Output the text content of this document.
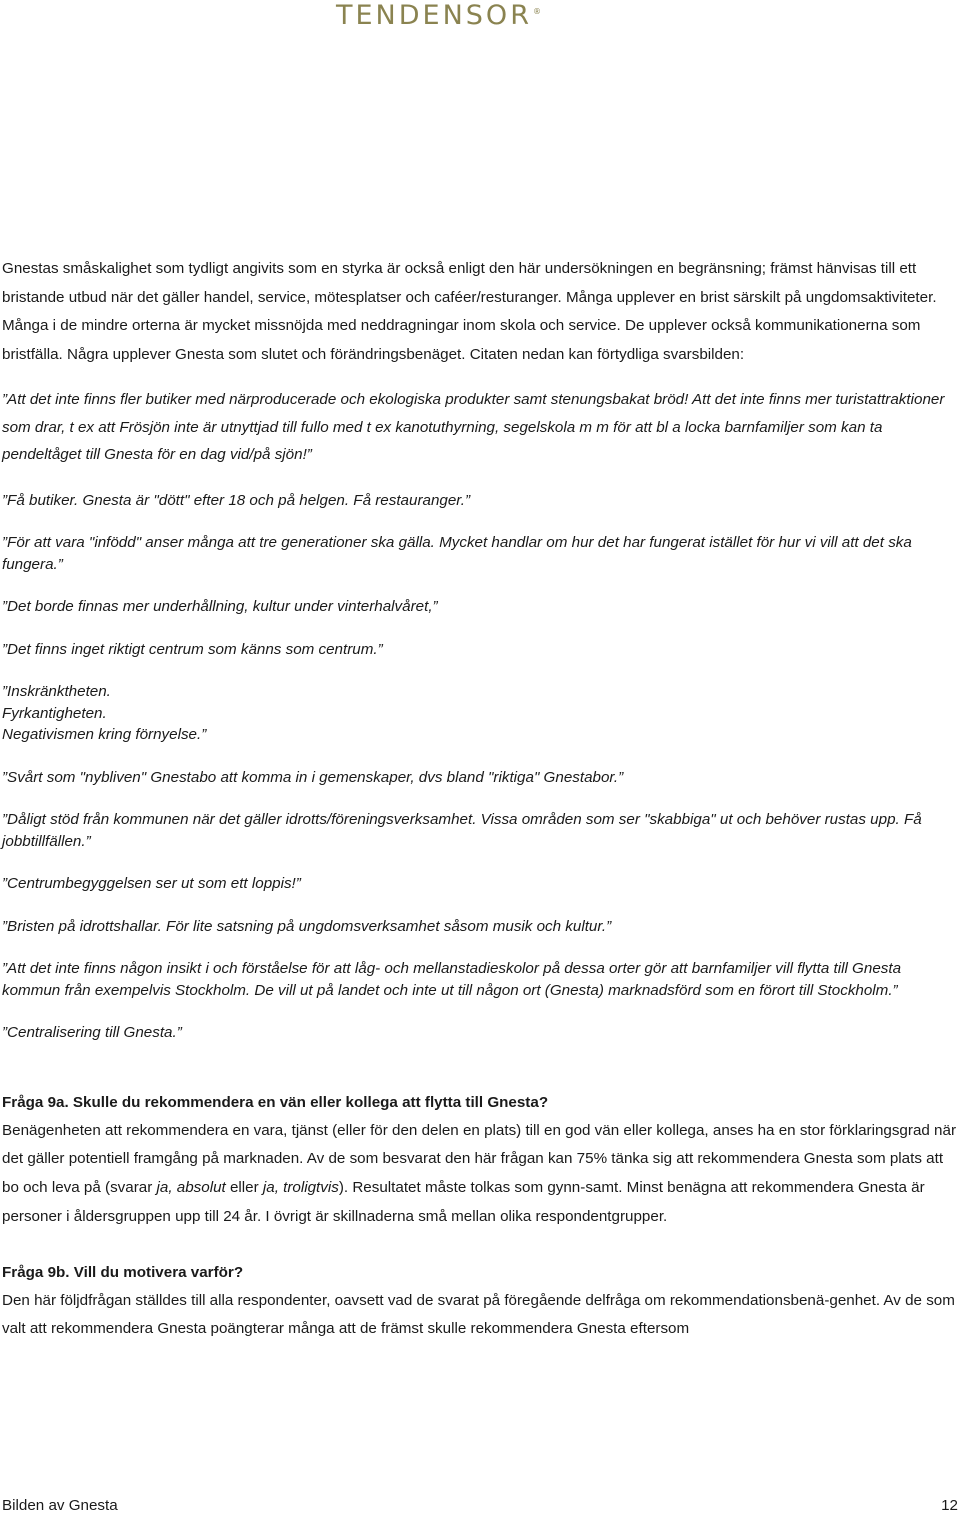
TENDENSOR®

Gnestas småskalighet som tydligt angivits som en styrka är också enligt den här undersökningen en begränsning; främst hänvisas till ett bristande utbud när det gäller handel, service, mötesplatser och caféer/resturanger. Många upplever en brist särskilt på ungdomsaktiviteter. Många i de mindre orterna är mycket missnöjda med neddragningar inom skola och service. De upplever också kommunikationerna som bristfälla. Några upplever Gnesta som slutet och förändringsbenäget. Citaten nedan kan förtydliga svarsbilden:

”Att det inte finns fler butiker med närproducerade och ekologiska produkter samt stenungsbakat bröd! Att det inte finns mer turistattraktioner som drar, t ex att Frösjön inte är utnyttjad till fullo med t ex kanotuthyrning, segelskola m m för att bl a locka barnfamiljer som kan ta pendeltåget till Gnesta för en dag vid/på sjön!”

”Få butiker. Gnesta är "dött" efter 18 och på helgen. Få restauranger.”

”För att vara "infödd" anser många att tre generationer ska gälla. Mycket handlar om hur det har fungerat istället för hur vi vill att det ska fungera.”

”Det borde finnas mer underhållning, kultur under vinterhalvåret,”

”Det finns inget riktigt centrum som känns som centrum.”

”Inskränktheten.
Fyrkantigheten.
Negativismen kring förnyelse.”

”Svårt som "nybliven" Gnestabo att komma in i gemenskaper, dvs bland "riktiga" Gnestabor.”

”Dåligt stöd från kommunen när det gäller idrotts/föreningsverksamhet. Vissa områden som ser "skabbiga" ut och behöver rustas upp. Få jobbtillfällen.”

”Centrumbegyggelsen ser ut som ett loppis!”

”Bristen på idrottshallar. För lite satsning på ungdomsverksamhet såsom musik och kultur.”

”Att det inte finns någon insikt i och förståelse för att låg- och mellanstadieskolor på dessa orter gör att barnfamiljer vill flytta till Gnesta kommun från exempelvis Stockholm. De vill ut på landet och inte ut till någon ort (Gnesta) marknadsförd som en förort till Stockholm.”

”Centralisering till Gnesta.”

Fråga 9a. Skulle du rekommendera en vän eller kollega att flytta till Gnesta?

Benägenheten att rekommendera en vara, tjänst (eller för den delen en plats) till en god vän eller kollega, anses ha en stor förklaringsgrad när det gäller potentiell framgång på marknaden. Av de som besvarat den här frågan kan 75% tänka sig att rekommendera Gnesta som plats att bo och leva på (svarar ja, absolut eller ja, troligtvis). Resultatet måste tolkas som gynn-samt. Minst benägna att rekommendera Gnesta är personer i åldersgruppen upp till 24 år. I övrigt är skillnaderna små mellan olika respondentgrupper.

Fråga 9b. Vill du motivera varför?

Den här följdfrågan ställdes till alla respondenter, oavsett vad de svarat på föregående delfråga om rekommendationsbenä-genhet. Av de som valt att rekommendera Gnesta poängterar många att de främst skulle rekommendera Gnesta eftersom

Bilden av Gnesta	12
